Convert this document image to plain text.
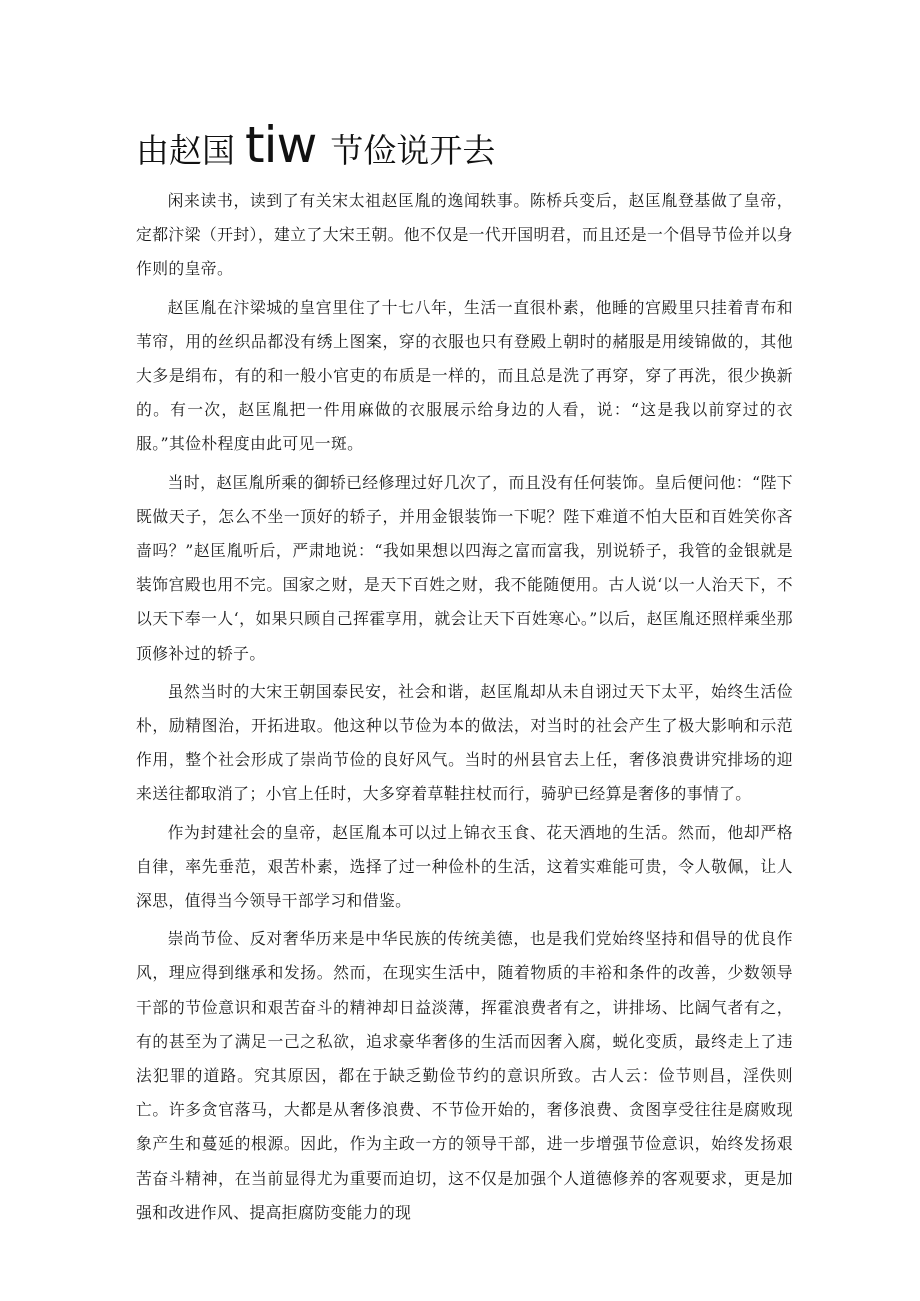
由赵国 tiw 节俭说开去

闲来读书，读到了有关宋太祖赵匡胤的逸闻轶事。陈桥兵变后，赵匡胤登基做了皇帝，定都汴梁（开封），建立了大宋王朝。他不仅是一代开国明君，而且还是一个倡导节俭并以身作则的皇帝。

赵匡胤在汴梁城的皇宫里住了十七八年，生活一直很朴素，他睡的宫殿里只挂着青布和苇帘，用的丝织品都没有绣上图案，穿的衣服也只有登殿上朝时的赭服是用绫锦做的，其他大多是绢布，有的和一般小官吏的布质是一样的，而且总是洗了再穿，穿了再洗，很少换新的。有一次，赵匡胤把一件用麻做的衣服展示给身边的人看，说：“这是我以前穿过的衣服。”其俭朴程度由此可见一斑。

当时，赵匡胤所乘的御轿已经修理过好几次了，而且没有任何装饰。皇后便问他：“陛下既做天子，怎么不坐一顶好的轿子，并用金银装饰一下呢？陛下难道不怕大臣和百姓笑你吝啬吗？”赵匡胤听后，严肃地说：“我如果想以四海之富而富我，别说轿子，我管的金银就是装饰宫殿也用不完。国家之财，是天下百姓之财，我不能随便用。古人说‘以一人治天下，不以天下奉一人‘，如果只顾自己挥霍享用，就会让天下百姓寒心。”以后，赵匡胤还照样乘坐那顶修补过的轿子。

虽然当时的大宋王朝国泰民安，社会和谐，赵匡胤却从未自诩过天下太平，始终生活俭朴，励精图治，开拓进取。他这种以节俭为本的做法，对当时的社会产生了极大影响和示范作用，整个社会形成了崇尚节俭的良好风气。当时的州县官去上任，奢侈浪费讲究排场的迎来送往都取消了；小官上任时，大多穿着草鞋拄杖而行，骑驴已经算是奢侈的事情了。

作为封建社会的皇帝，赵匡胤本可以过上锦衣玉食、花天酒地的生活。然而，他却严格自律，率先垂范，艰苦朴素，选择了过一种俭朴的生活，这着实难能可贵，令人敬佩，让人深思，值得当今领导干部学习和借鉴。

崇尚节俭、反对奢华历来是中华民族的传统美德，也是我们党始终坚持和倡导的优良作风，理应得到继承和发扬。然而，在现实生活中，随着物质的丰裕和条件的改善，少数领导干部的节俭意识和艰苦奋斗的精神却日益淡薄，挥霍浪费者有之，讲排场、比阔气者有之，有的甚至为了满足一己之私欲，追求豪华奢侈的生活而因奢入腐，蜕化变质，最终走上了违法犯罪的道路。究其原因，都在于缺乏勤俭节约的意识所致。古人云：俭节则昌，淫佚则亡。许多贪官落马，大都是从奢侈浪费、不节俭开始的，奢侈浪费、贪图享受往往是腐败现象产生和蔓延的根源。因此，作为主政一方的领导干部，进一步增强节俭意识，始终发扬艰苦奋斗精神，在当前显得尤为重要而迫切，这不仅是加强个人道德修养的客观要求，更是加强和改进作风、提高拒腐防变能力的现
